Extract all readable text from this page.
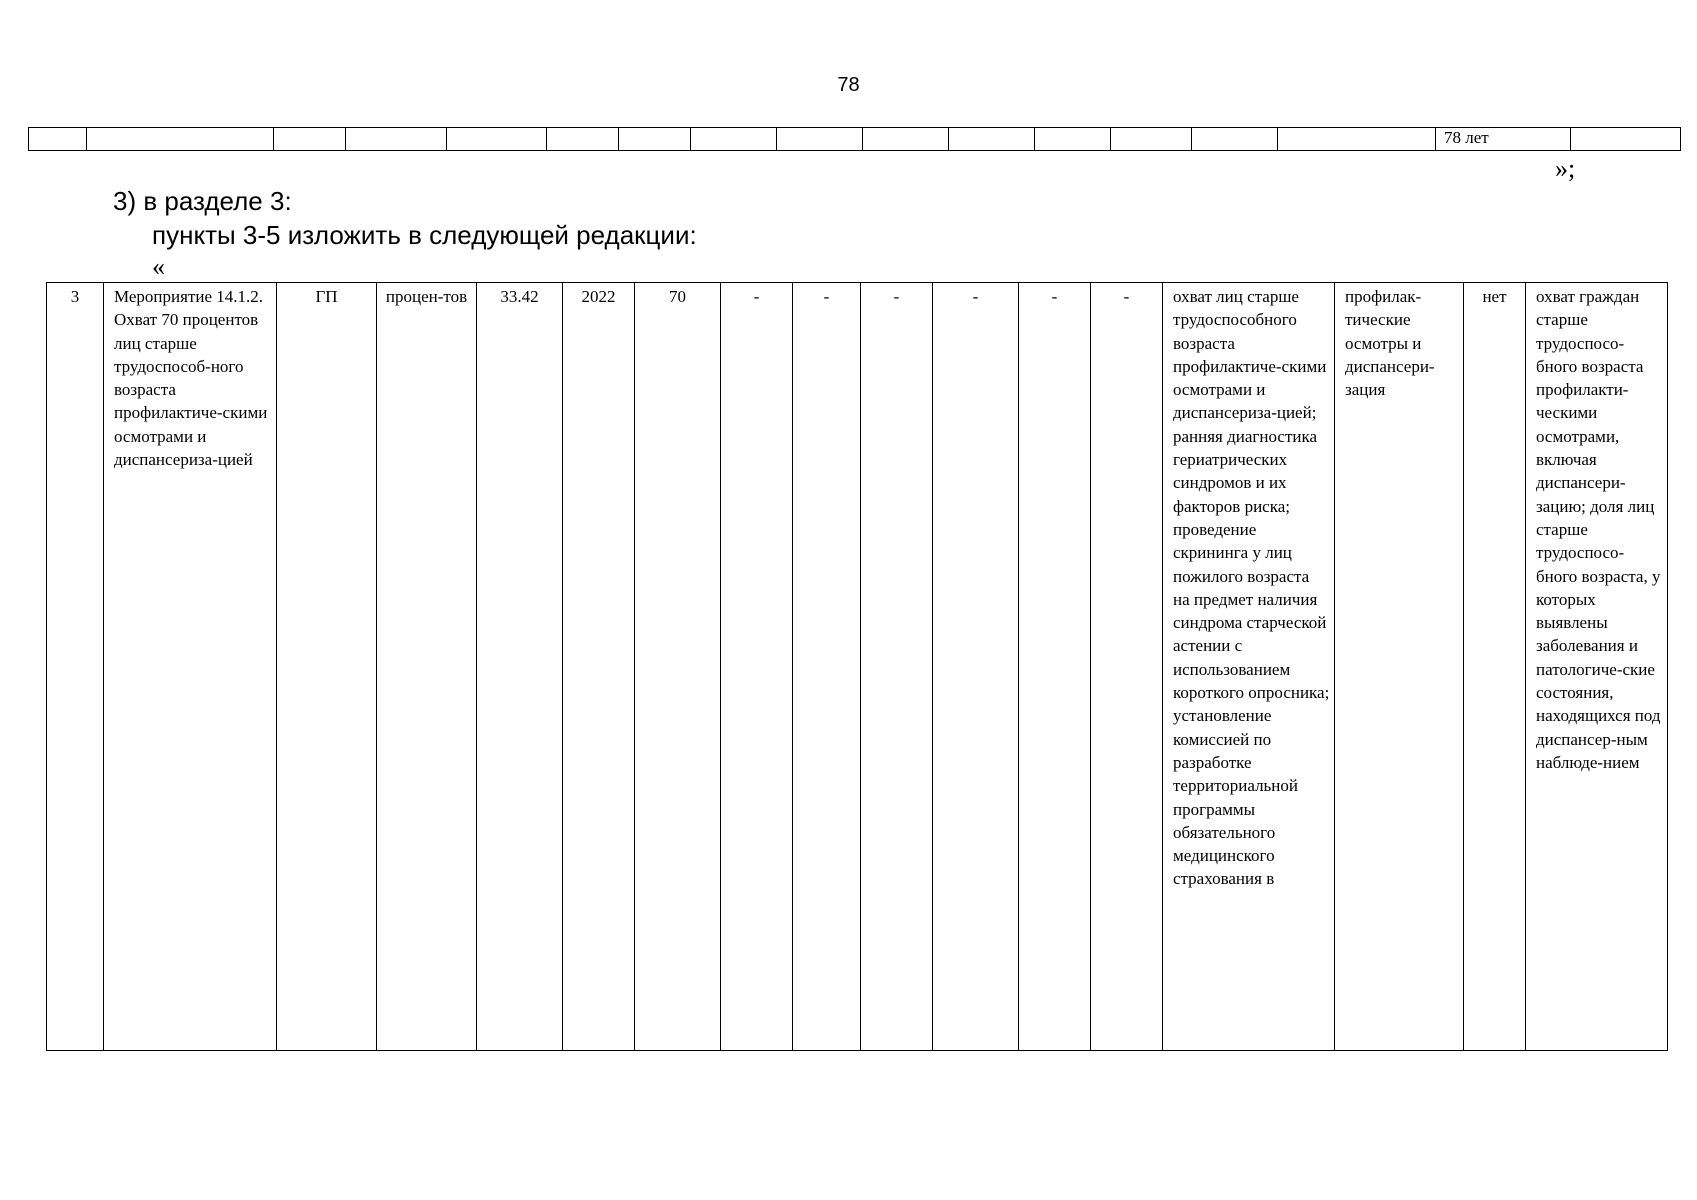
78
															78 лет	
»;
3) в разделе 3:
пункты 3-5 изложить в следующей редакции:
«
3	Мероприятие 14.1.2. Охват 70 процентов лиц старше трудоспособ-ного возраста профилактиче-скими осмотрами и диспансериза-цией	ГП	процен-тов	33.42	2022	70	-	-	-	-	-	-	охват лиц старше трудоспособного возраста профилактиче-скими осмотрами и диспансериза-цией; ранняя диагностика гериатрических синдромов и их факторов риска; проведение скрининга у лиц пожилого возраста на предмет наличия синдрома старческой астении с использованием короткого опросника; установление комиссией по разработке территориальной программы обязательного медицинского страхования в	профилак-тические осмотры и диспансери-зация	нет	охват граждан старше трудоспосо-бного возраста профилакти-ческими осмотрами, включая диспансери-зацию; доля лиц старше трудоспосо-бного возраста, у которых выявлены заболевания и патологиче-ские состояния, находящихся под диспансер-ным наблюде-нием
